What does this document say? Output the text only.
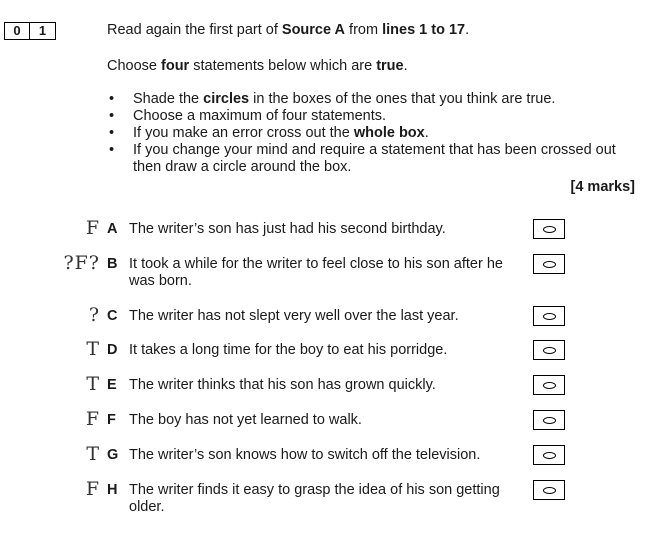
0	1	Read again the first part of Source A from lines 1 to 17.
Choose four statements below which are true.
• Shade the circles in the boxes of the ones that you think are true.
• Choose a maximum of four statements.
• If you make an error cross out the whole box.
• If you change your mind and require a statement that has been crossed out then draw a circle around the box.
[4 marks]
F A The writer’s son has just had his second birthday.
?F? B It took a while for the writer to feel close to his son after he was born.
? C The writer has not slept very well over the last year.
T D It takes a long time for the boy to eat his porridge.
T E The writer thinks that his son has grown quickly.
F F The boy has not yet learned to walk.
T G The writer’s son knows how to switch off the television.
F H The writer finds it easy to grasp the idea of his son getting older.
